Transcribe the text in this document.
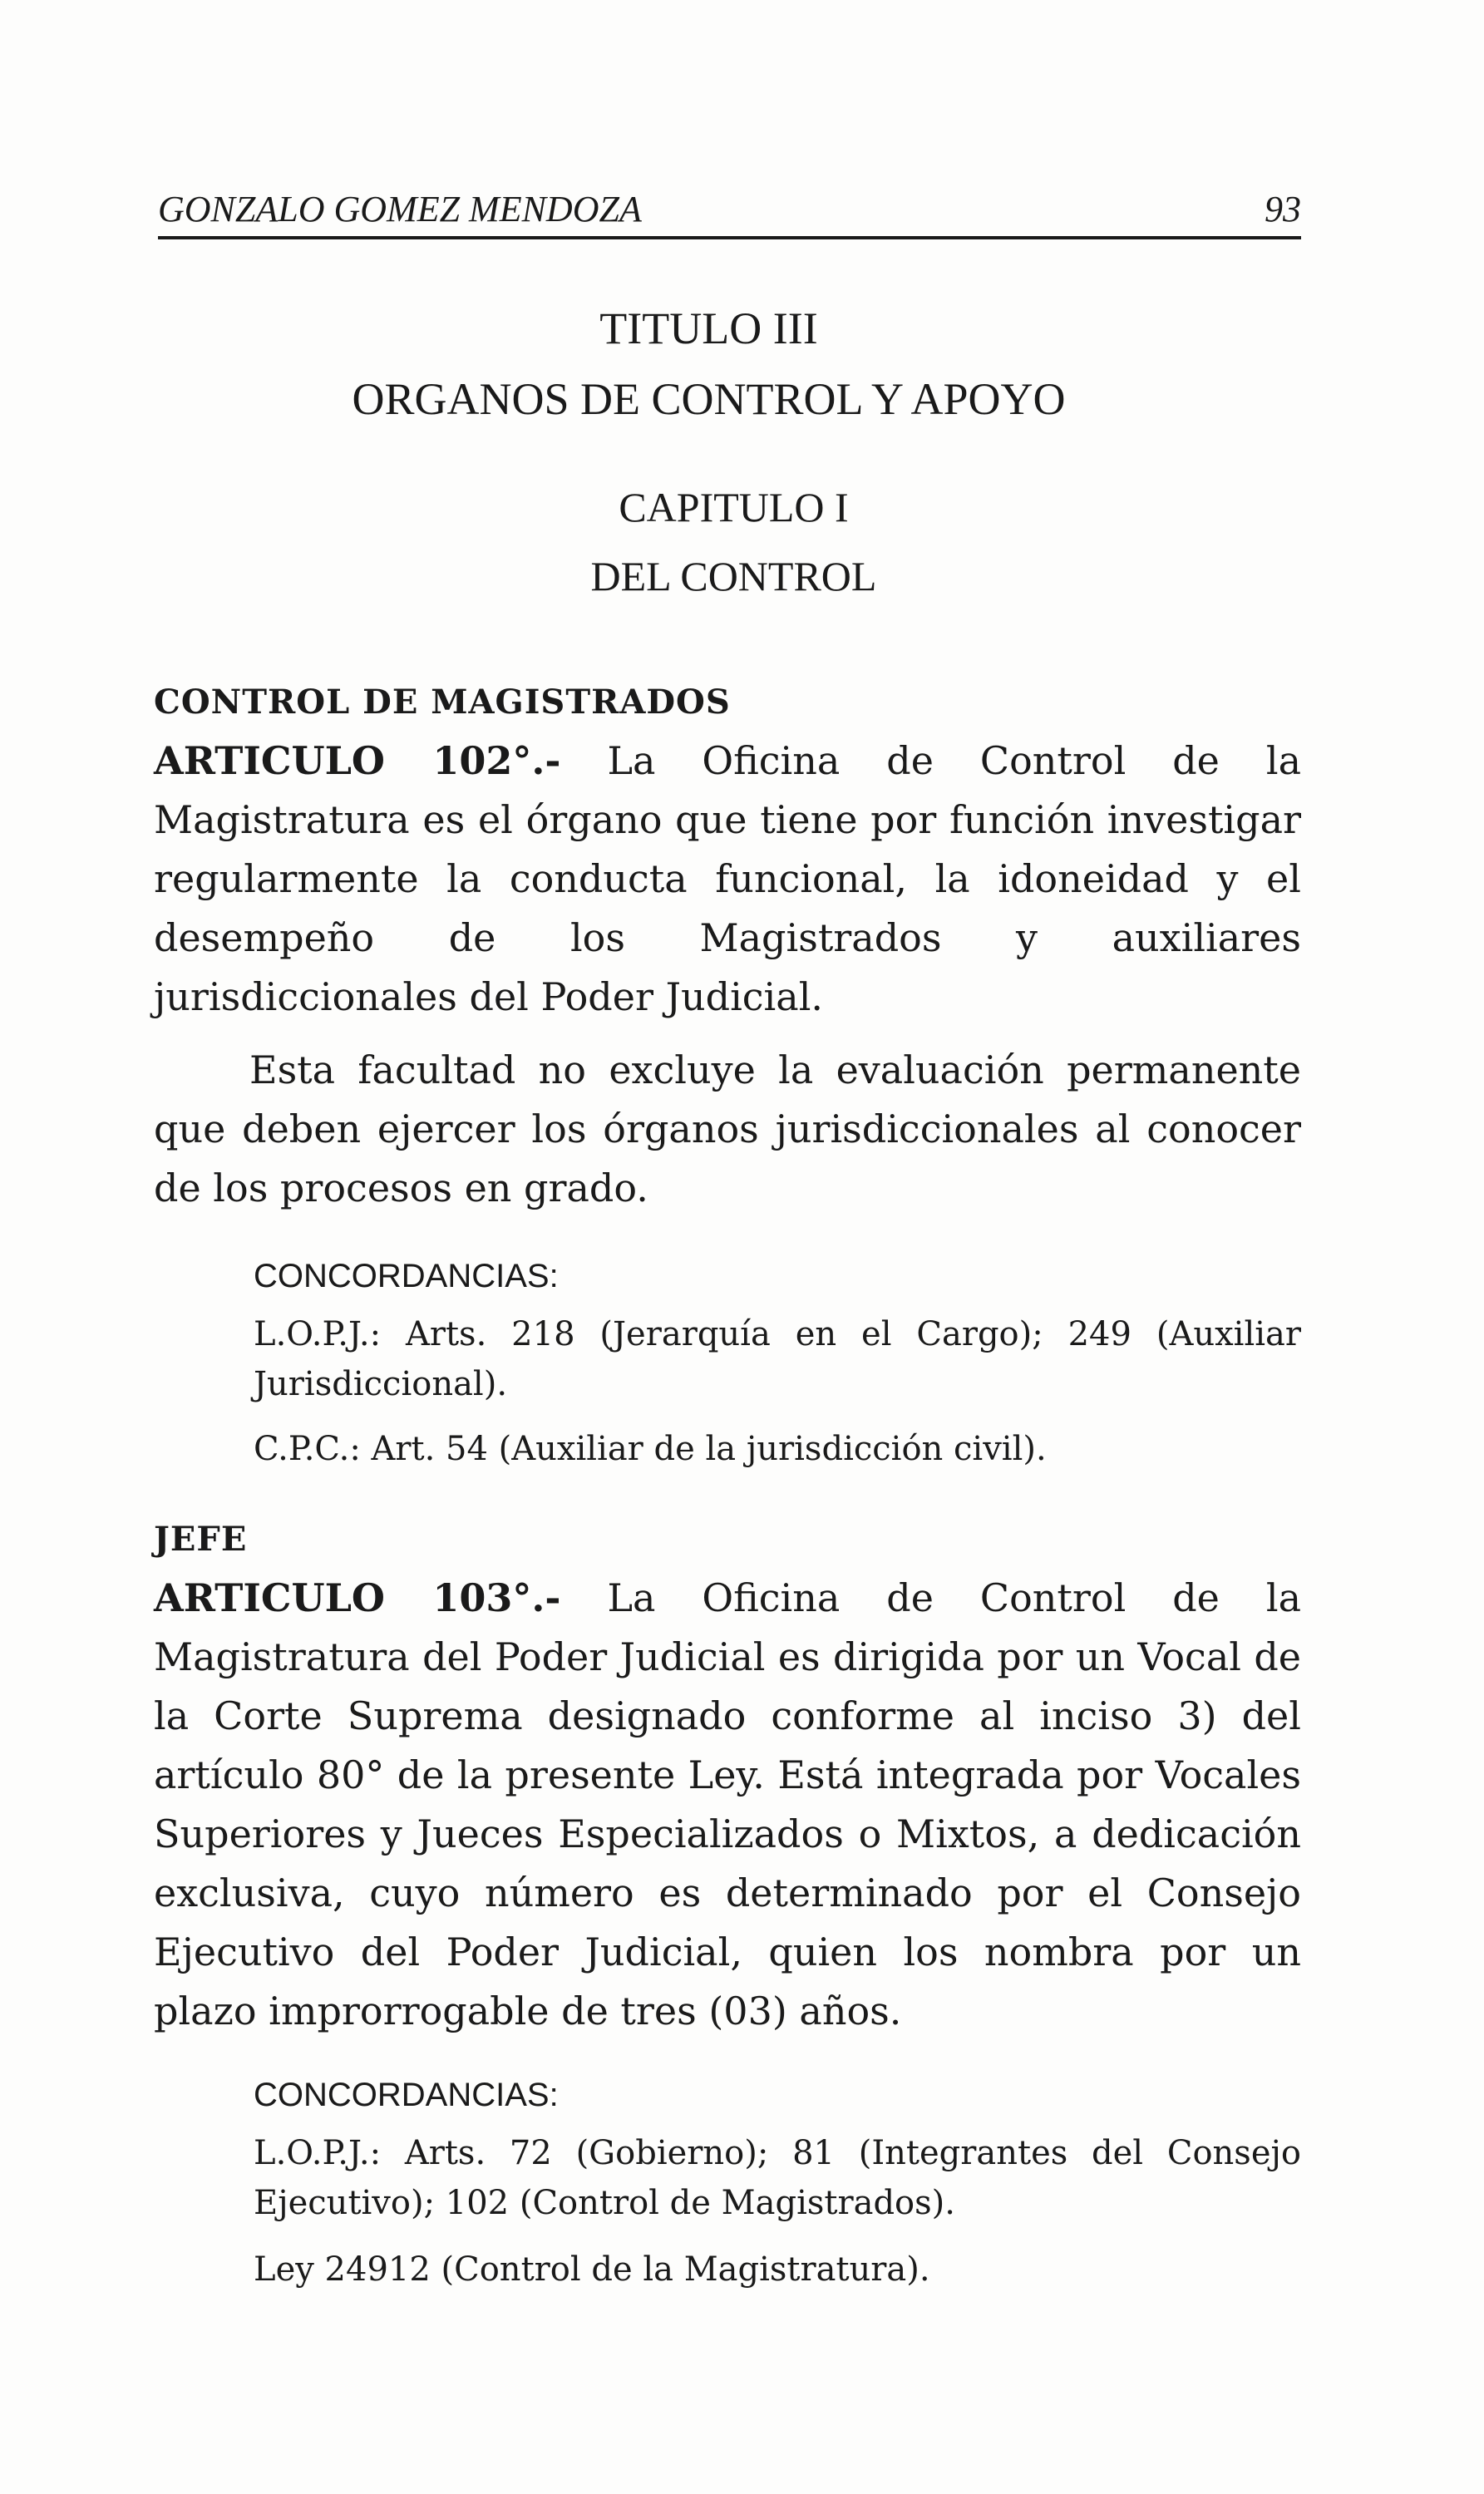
GONZALO GOMEZ MENDOZA	93
TITULO III
ORGANOS DE CONTROL Y APOYO
CAPITULO I
DEL CONTROL
CONTROL DE MAGISTRADOS
ARTICULO 102°.- La Oficina de Control de la Magistratura es el órgano que tiene por función investigar regularmente la conducta funcional, la idoneidad y el desempeño de los Magistrados y auxiliares jurisdiccionales del Poder Judicial.
Esta facultad no excluye la evaluación permanente que deben ejercer los órganos jurisdiccionales al conocer de los procesos en grado.
CONCORDANCIAS:
L.O.P.J.: Arts. 218 (Jerarquía en el Cargo); 249 (Auxiliar Jurisdiccional).
C.P.C.: Art. 54 (Auxiliar de la jurisdicción civil).
JEFE
ARTICULO 103°.- La Oficina de Control de la Magistratura del Poder Judicial es dirigida por un Vocal de la Corte Suprema designado conforme al inciso 3) del artículo 80° de la presente Ley. Está integrada por Vocales Superiores y Jueces Especializados o Mixtos, a dedicación exclusiva, cuyo número es determinado por el Consejo Ejecutivo del Poder Judicial, quien los nombra por un plazo improrrogable de tres (03) años.
CONCORDANCIAS:
L.O.P.J.: Arts. 72 (Gobierno); 81 (Integrantes del Consejo Ejecutivo); 102 (Control de Magistrados).
Ley 24912 (Control de la Magistratura).
